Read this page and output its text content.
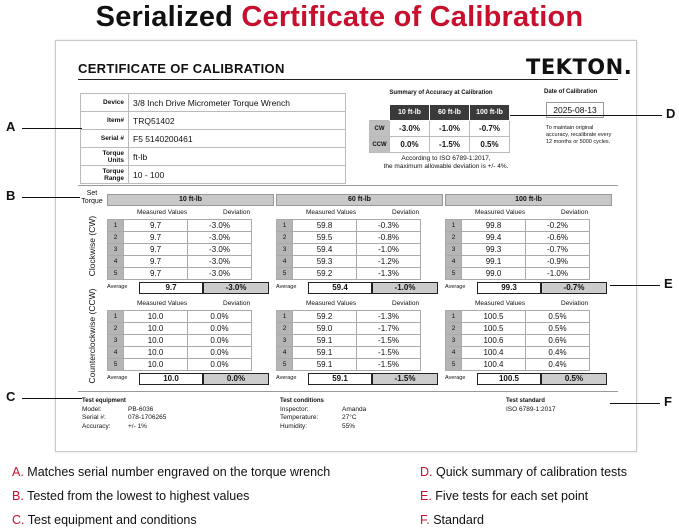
Serialized Certificate of Calibration
CERTIFICATE OF CALIBRATION	TEKTON.
Device	3/8 Inch Drive Micrometer Torque Wrench
Item#	TRQ51402
Serial #	F5 5140200461
Torque Units	ft-lb
Torque Range	10 - 100
Summary of Accuracy at Calibration
	10 ft-lb	60 ft-lb	100 ft-lb
CW	-3.0%	-1.0%	-0.7%
CCW	0.0%	-1.5%	0.5%
According to ISO 6789-1:2017,
the maximum allowable deviation is +/- 4%.
Date of Calibration
2025-08-13
To maintain original accuracy, recalibrate every 12 months or 5000 cycles.
Set Torque	10 ft-lb	60 ft-lb	100 ft-lb
Clockwise (CW)
Counterclockwise (CCW)
Measured Values	Deviation
1	9.7	-3.0%
2	9.7	-3.0%
3	9.7	-3.0%
4	9.7	-3.0%
5	9.7	-3.0%
Average	9.7	-3.0%
Measured Values	Deviation
1	59.8	-0.3%
2	59.5	-0.8%
3	59.4	-1.0%
4	59.3	-1.2%
5	59.2	-1.3%
Average	59.4	-1.0%
Measured Values	Deviation
1	99.8	-0.2%
2	99.4	-0.6%
3	99.3	-0.7%
4	99.1	-0.9%
5	99.0	-1.0%
Average	99.3	-0.7%
Measured Values	Deviation
1	10.0	0.0%
2	10.0	0.0%
3	10.0	0.0%
4	10.0	0.0%
5	10.0	0.0%
Average	10.0	0.0%
Measured Values	Deviation
1	59.2	-1.3%
2	59.0	-1.7%
3	59.1	-1.5%
4	59.1	-1.5%
5	59.1	-1.5%
Average	59.1	-1.5%
Measured Values	Deviation
1	100.5	0.5%
2	100.5	0.5%
3	100.6	0.6%
4	100.4	0.4%
5	100.4	0.4%
Average	100.5	0.5%
Test equipment
Model:	PB-6036
Serial #:	078-1706265
Accuracy:	+/- 1%
Test conditions
Inspector:	Amanda
Temperature:	27°C
Humidity:	55%
Test standard
ISO 6789-1:2017
A
B
C
D
E
F
A. Matches serial number engraved on the torque wrench
B. Tested from the lowest to highest values
C. Test equipment and conditions
D. Quick summary of calibration tests
E. Five tests for each set point
F. Standard
